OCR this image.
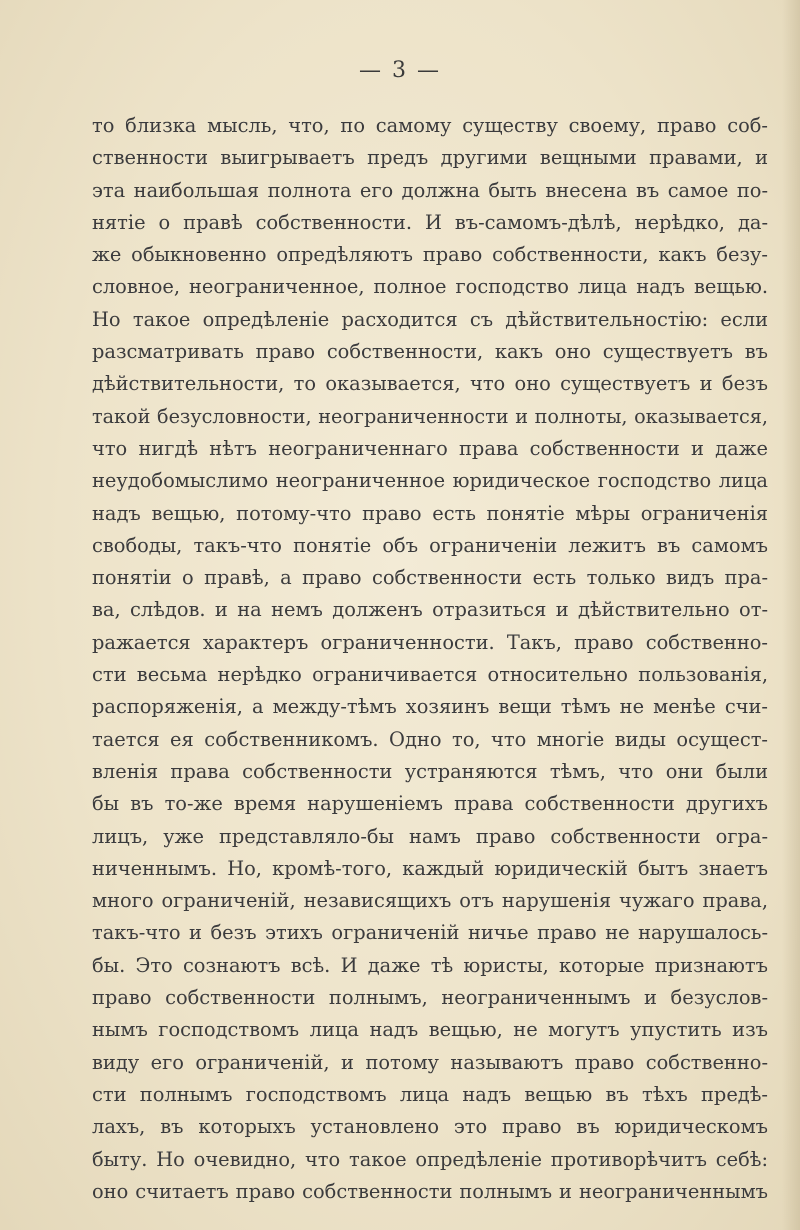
— 3 —
то близка мысль, что, по самому существу своему, право соб-
ственности выигрываетъ предъ другими вещными правами, и
эта наибольшая полнота его должна быть внесена въ самое по-
нятіе о правѣ собственности. И въ-самомъ-дѣлѣ, нерѣдко, да-
же обыкновенно опредѣляютъ право собственности, какъ безу-
словное, неограниченное, полное господство лица надъ вещью.
Но такое опредѣленіе расходится съ дѣйствительностію: если
разсматривать право собственности, какъ оно существуетъ въ
дѣйствительности, то оказывается, что оно существуетъ и безъ
такой безусловности, неограниченности и полноты, оказывается,
что нигдѣ нѣтъ неограниченнаго права собственности и даже
неудобомыслимо неограниченное юридическое господство лица
надъ вещью, потому-что право есть понятіе мѣры ограниченія
свободы, такъ-что понятіе объ ограниченіи лежитъ въ самомъ
понятіи о правѣ, а право собственности есть только видъ пра-
ва, слѣдов. и на немъ долженъ отразиться и дѣйствительно от-
ражается характеръ ограниченности. Такъ, право собственно-
сти весьма нерѣдко ограничивается относительно пользованія,
распоряженія, а между-тѣмъ хозяинъ вещи тѣмъ не менѣе счи-
тается ея собственникомъ. Одно то, что многіе виды осущест-
вленія права собственности устраняются тѣмъ, что они были
бы въ то-же время нарушеніемъ права собственности другихъ
лицъ, уже представляло-бы намъ право собственности огра-
ниченнымъ. Но, кромѣ-того, каждый юридическій бытъ знаетъ
много ограниченій, независящихъ отъ нарушенія чужаго права,
такъ-что и безъ этихъ ограниченій ничье право не нарушалось-
бы. Это сознаютъ всѣ. И даже тѣ юристы, которые признаютъ
право собственности полнымъ, неограниченнымъ и безуслов-
нымъ господствомъ лица надъ вещью, не могутъ упустить изъ
виду его ограниченій, и потому называютъ право собственно-
сти полнымъ господствомъ лица надъ вещью въ тѣхъ предѣ-
лахъ, въ которыхъ установлено это право въ юридическомъ
быту. Но очевидно, что такое опредѣленіе противорѣчитъ себѣ:
оно считаетъ право собственности полнымъ и неограниченнымъ
